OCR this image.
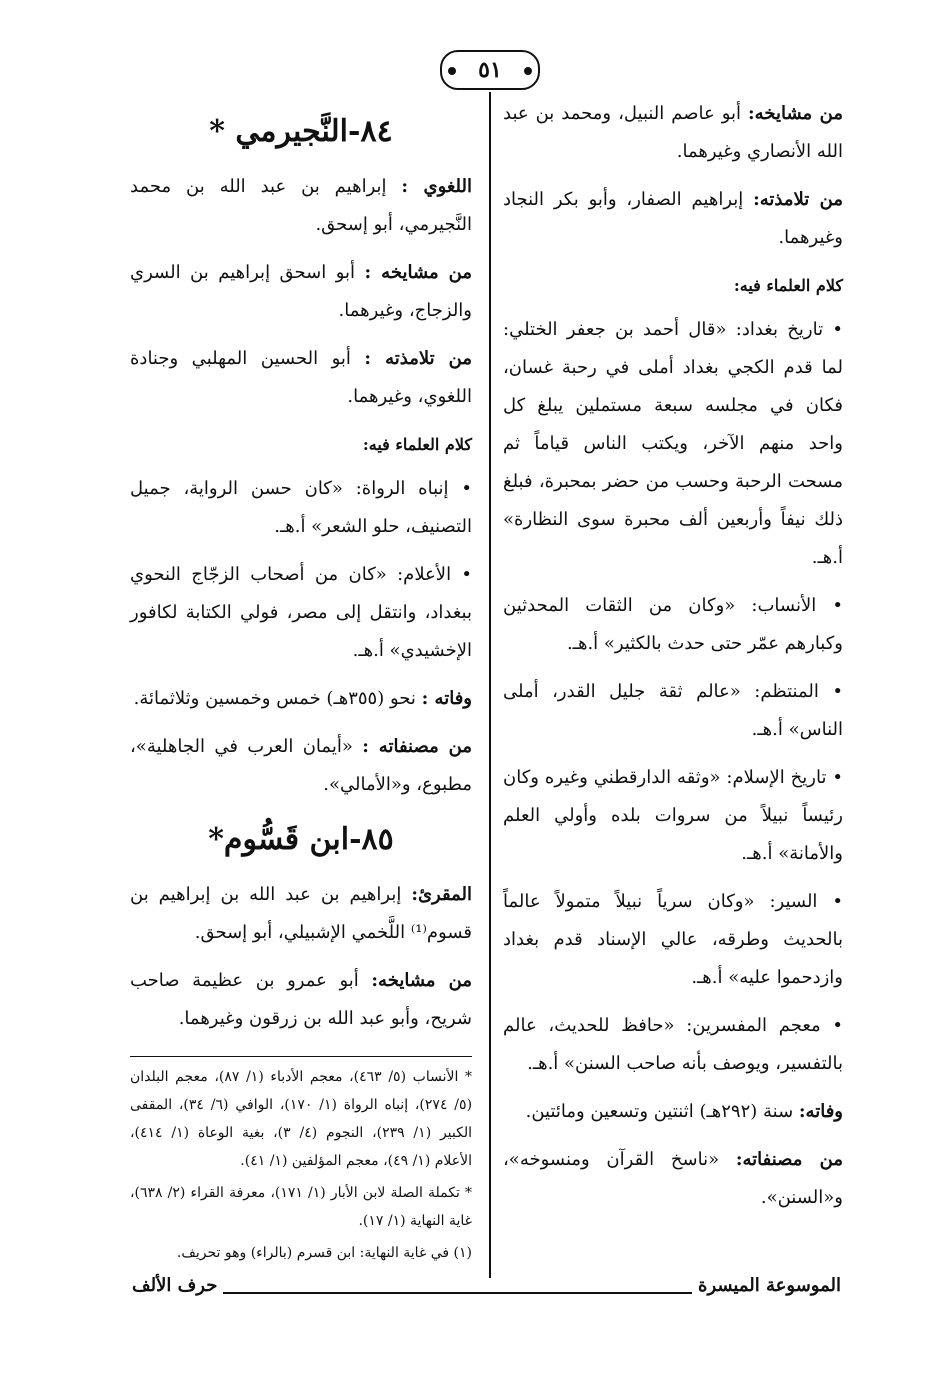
٥١

من مشايخه: أبو عاصم النبيل، ومحمد بن عبد الله الأنصاري وغيرهما.

من تلامذته: إبراهيم الصفار، وأبو بكر النجاد وغيرهما.

كلام العلماء فيه:

• تاريخ بغداد: «قال أحمد بن جعفر الختلي: لما قدم الكجي بغداد أملى في رحبة غسان، فكان في مجلسه سبعة مستملين يبلغ كل واحد منهم الآخر، ويكتب الناس قياماً ثم مسحت الرحبة وحسب من حضر بمحبرة، فبلغ ذلك نيفاً وأربعين ألف محبرة سوى النظارة» أ.هـ.

• الأنساب: «وكان من الثقات المحدثين وكبارهم عمّر حتى حدث بالكثير» أ.هـ.

• المنتظم: «عالم ثقة جليل القدر، أملى الناس» أ.هـ.

• تاريخ الإسلام: «وثقه الدارقطني وغيره وكان رئيساً نبيلاً من سروات بلده وأولي العلم والأمانة» أ.هـ.

• السير: «وكان سرياً نبيلاً متمولاً عالماً بالحديث وطرقه، عالي الإسناد قدم بغداد وازدحموا عليه» أ.هـ.

• معجم المفسرين: «حافظ للحديث، عالم بالتفسير، ويوصف بأنه صاحب السنن» أ.هـ.

وفاته: سنة (٢٩٢هـ) اثنتين وتسعين ومائتين.

من مصنفاته: «ناسخ القرآن ومنسوخه»، و«السنن».

٨٤-النَّجيرمي *

اللغوي : إبراهيم بن عبد الله بن محمد النَّجيرمي، أبو إسحق.

من مشايخه : أبو اسحق إبراهيم بن السري والزجاج، وغيرهما.

من تلامذته : أبو الحسين المهلبي وجنادة اللغوي، وغيرهما.

كلام العلماء فيه:

• إنباه الرواة: «كان حسن الرواية، جميل التصنيف، حلو الشعر» أ.هـ.

• الأعلام: «كان من أصحاب الزجّاج النحوي ببغداد، وانتقل إلى مصر، فولي الكتابة لكافور الإخشيدي» أ.هـ.

وفاته : نحو (٣٥٥هـ) خمس وخمسين وثلاثمائة.

من مصنفاته : «أيمان العرب في الجاهلية»، مطبوع، و«الأمالي».

٨٥-ابن قَسُّوم*

المقرئ: إبراهيم بن عبد الله بن إبراهيم بن قسوم⁽¹⁾ اللَّخمي الإشبيلي، أبو إسحق.

من مشايخه: أبو عمرو بن عظيمة صاحب شريح، وأبو عبد الله بن زرقون وغيرهما.

* الأنساب (٥/ ٤٦٣)، معجم الأدباء (١/ ٨٧)، معجم البلدان (٥/ ٢٧٤)، إنباه الرواة (١/ ١٧٠)، الوافي (٦/ ٣٤)، المقفى الكبير (١/ ٢٣٩)، النجوم (٤/ ٣)، بغية الوعاة (١/ ٤١٤)، الأعلام (١/ ٤٩)، معجم المؤلفين (١/ ٤١).

* تكملة الصلة لابن الأبار (١/ ١٧١)، معرفة القراء (٢/ ٦٣٨)، غاية النهاية (١/ ١٧).

(١) في غاية النهاية: ابن قسرم (بالراء) وهو تحريف.

الموسوعة الميسرة
حرف الألف
